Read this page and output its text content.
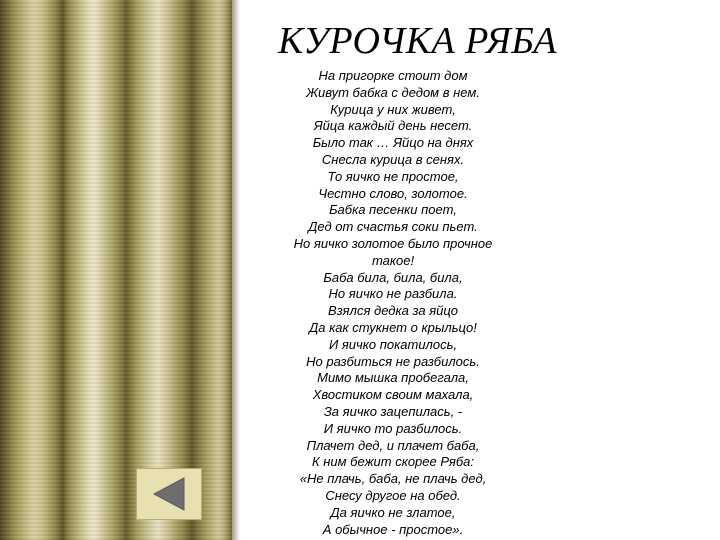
КУРОЧКА РЯБА
На пригорке стоит дом
Живут бабка с дедом в нем.
Курица у них живет,
Яйца каждый день несет.
Было так … Яйцо на днях
Снесла курица в сенях.
То яичко не простое,
Честно слово, золотое.
Бабка песенки поет,
Дед от счастья соки пьет.
Но яичко золотое было прочное
такое!
Баба била, била, била,
Но яичко не разбила.
Взялся дедка за яйцо
Да как стукнет о крыльцо!
И яичко покатилось,
Но разбиться не разбилось.
Мимо мышка пробегала,
Хвостиком своим махала,
За яичко зацепилась, -
И яичко то разбилось.
Плачет дед, и плачет баба,
К ним бежит скорее Ряба:
«Не плачь, баба, не плачь дед,
Снесу другое на обед.
Да яичко не златое,
А обычное - простое».
